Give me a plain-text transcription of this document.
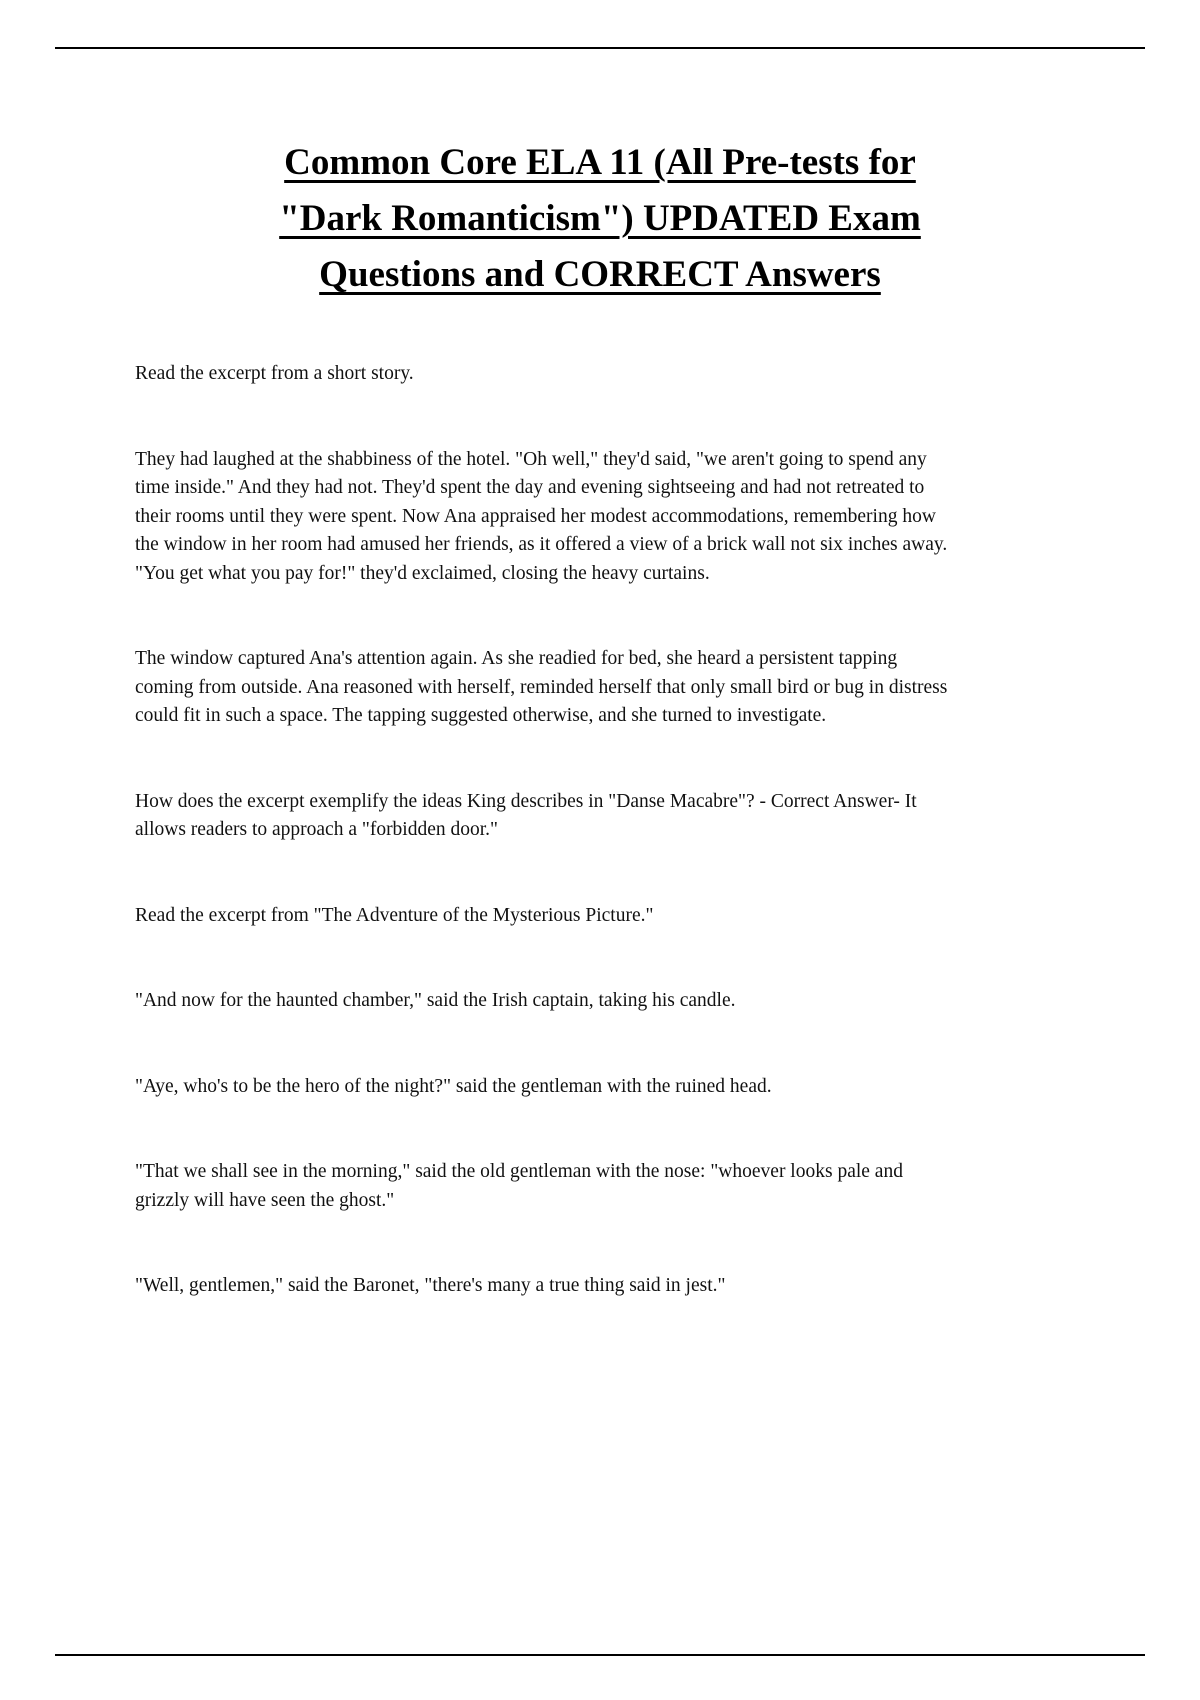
Common Core ELA 11 (All Pre-tests for
"Dark Romanticism") UPDATED Exam
Questions and CORRECT Answers

Read the excerpt from a short story.

They had laughed at the shabbiness of the hotel. "Oh well," they'd said, "we aren't going to spend any time inside." And they had not. They'd spent the day and evening sightseeing and had not retreated to their rooms until they were spent. Now Ana appraised her modest accommodations, remembering how the window in her room had amused her friends, as it offered a view of a brick wall not six inches away. "You get what you pay for!" they'd exclaimed, closing the heavy curtains.

The window captured Ana's attention again. As she readied for bed, she heard a persistent tapping coming from outside. Ana reasoned with herself, reminded herself that only small bird or bug in distress could fit in such a space. The tapping suggested otherwise, and she turned to investigate.

How does the excerpt exemplify the ideas King describes in "Danse Macabre"? - Correct Answer- It allows readers to approach a "forbidden door."

Read the excerpt from "The Adventure of the Mysterious Picture."

"And now for the haunted chamber," said the Irish captain, taking his candle.

"Aye, who's to be the hero of the night?" said the gentleman with the ruined head.

"That we shall see in the morning," said the old gentleman with the nose: "whoever looks pale and grizzly will have seen the ghost."

"Well, gentlemen," said the Baronet, "there's many a true thing said in jest."
